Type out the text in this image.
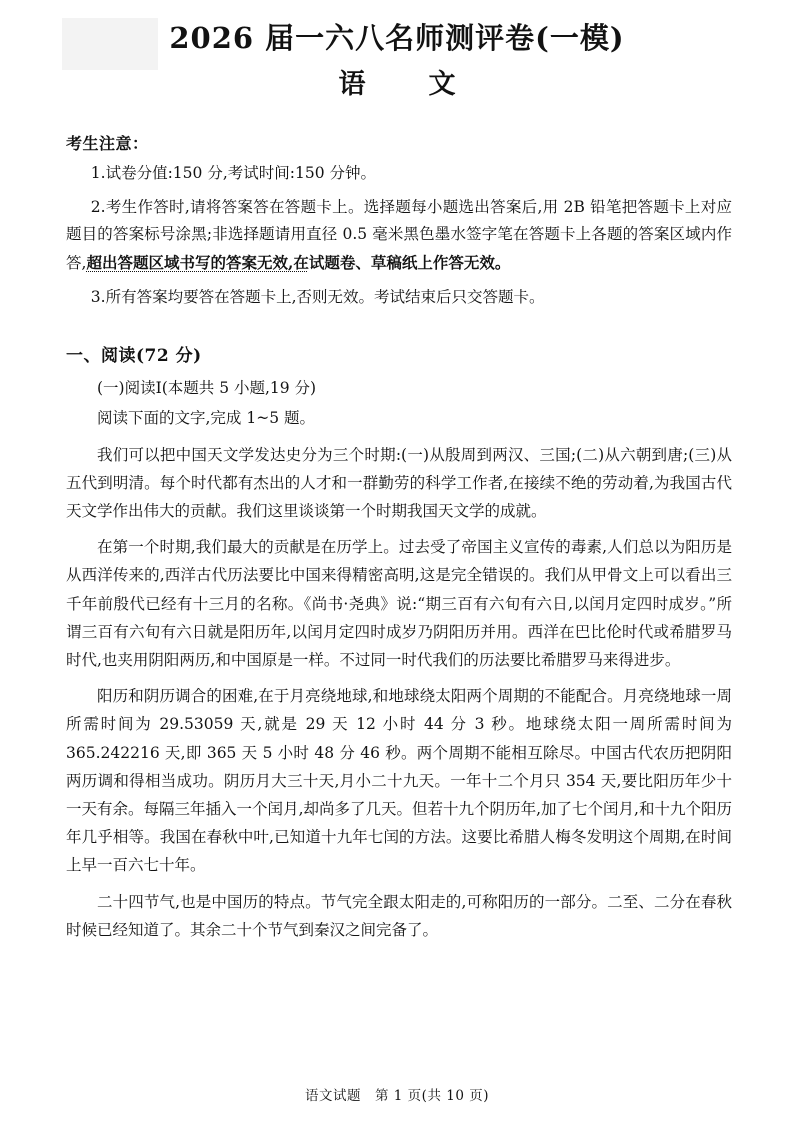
2026 届一六八名师测评卷(一模)
语　文
考生注意：
1.试卷分值:150 分,考试时间:150 分钟。
2.考生作答时,请将答案答在答题卡上。选择题每小题选出答案后,用 2B 铅笔把答题卡上对应题目的答案标号涂黑;非选择题请用直径 0.5 毫米黑色墨水签字笔在答题卡上各题的答案区域内作答,超出答题区域书写的答案无效,在试题卷、草稿纸上作答无效。
3.所有答案均要答在答题卡上,否则无效。考试结束后只交答题卡。
一、阅读(72 分)
(一)阅读Ⅰ(本题共 5 小题,19 分)
阅读下面的文字,完成 1~5 题。
我们可以把中国天文学发达史分为三个时期:(一)从殷周到两汉、三国;(二)从六朝到唐;(三)从五代到明清。每个时代都有杰出的人才和一群勤劳的科学工作者,在接续不绝的劳动着,为我国古代天文学作出伟大的贡献。我们这里谈谈第一个时期我国天文学的成就。
在第一个时期,我们最大的贡献是在历学上。过去受了帝国主义宣传的毒素,人们总以为阳历是从西洋传来的,西洋古代历法要比中国来得精密高明,这是完全错误的。我们从甲骨文上可以看出三千年前殷代已经有十三月的名称。《尚书·尧典》说:“期三百有六旬有六日,以闰月定四时成岁。”所谓三百有六旬有六日就是阳历年,以闰月定四时成岁乃阴阳历并用。西洋在巴比伦时代或希腊罗马时代,也夹用阴阳两历,和中国原是一样。不过同一时代我们的历法要比希腊罗马来得进步。
阳历和阴历调合的困难,在于月亮绕地球,和地球绕太阳两个周期的不能配合。月亮绕地球一周所需时间为 29.53059 天,就是 29 天 12 小时 44 分 3 秒。地球绕太阳一周所需时间为365.242216 天,即 365 天 5 小时 48 分 46 秒。两个周期不能相互除尽。中国古代农历把阴阳两历调和得相当成功。阴历月大三十天,月小二十九天。一年十二个月只 354 天,要比阳历年少十一天有余。每隔三年插入一个闰月,却尚多了几天。但若十九个阴历年,加了七个闰月,和十九个阳历年几乎相等。我国在春秋中叶,已知道十九年七闰的方法。这要比希腊人梅冬发明这个周期,在时间上早一百六七十年。
二十四节气,也是中国历的特点。节气完全跟太阳走的,可称阳历的一部分。二至、二分在春秋时候已经知道了。其余二十个节气到秦汉之间完备了。
语文试题 第 1 页(共 10 页)
